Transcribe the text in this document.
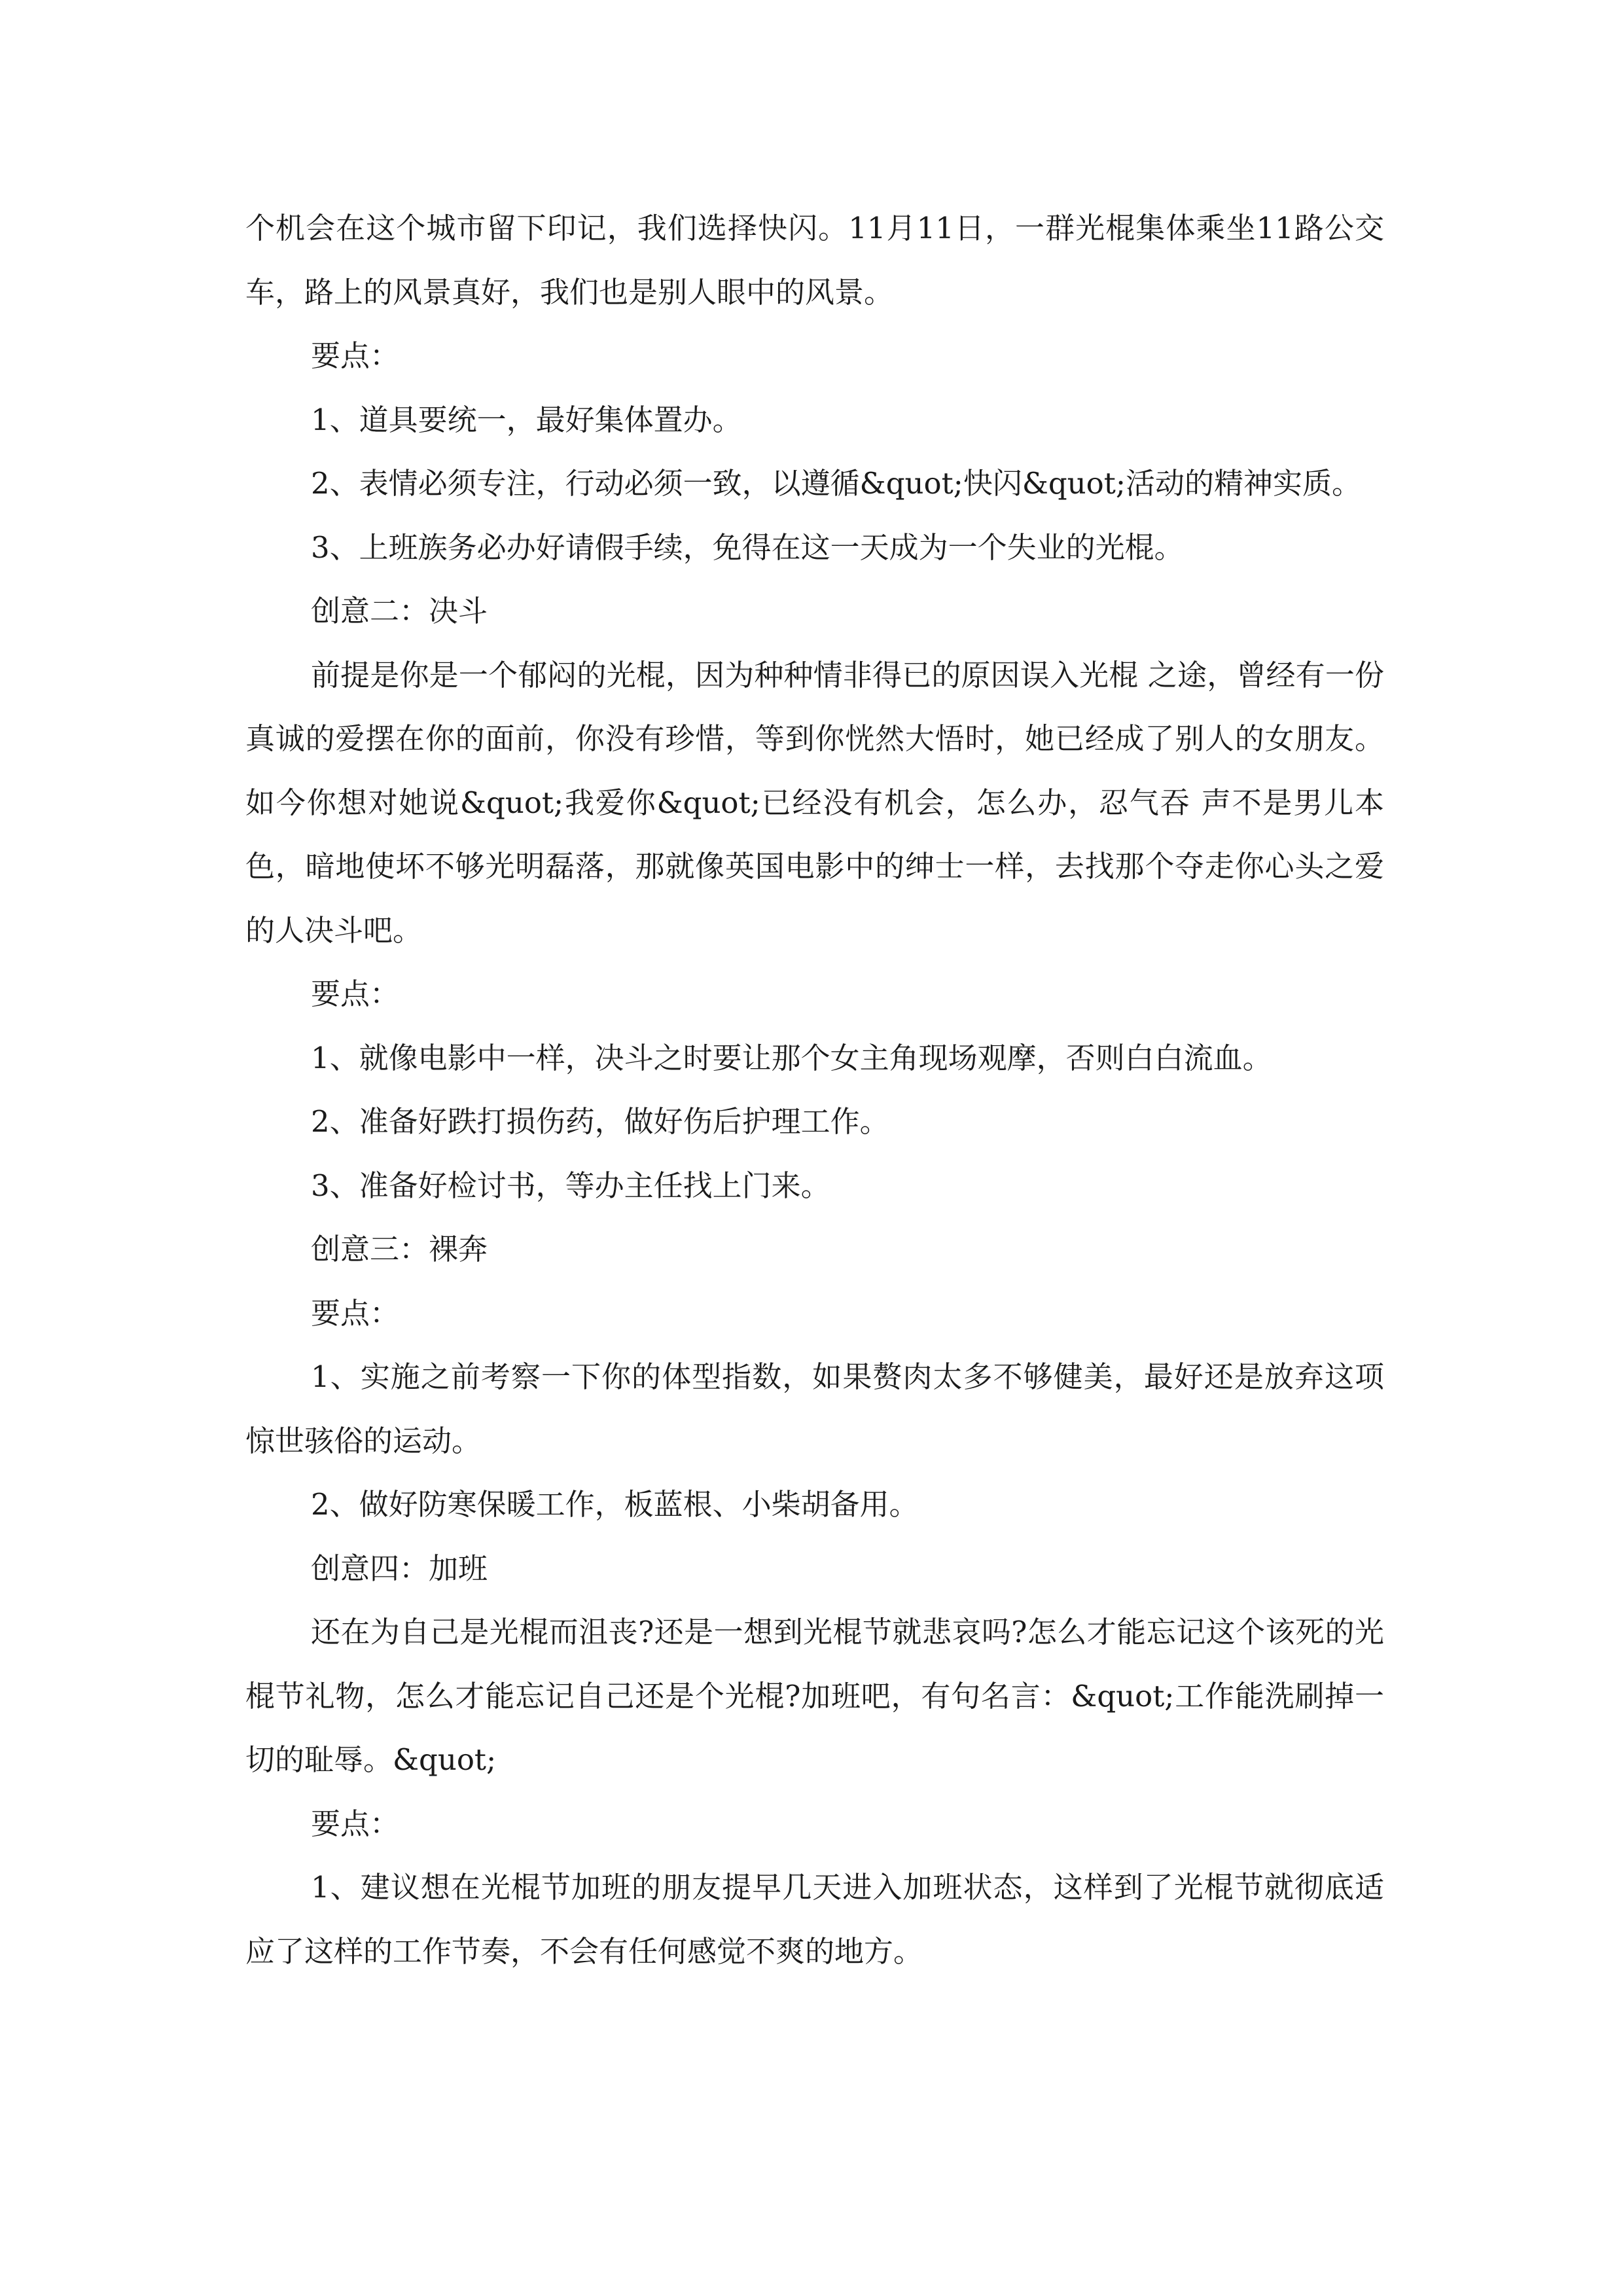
个机会在这个城市留下印记，我们选择快闪。11月11日，一群光棍集体乘坐11路公交车，路上的风景真好，我们也是别人眼中的风景。

要点：

1、道具要统一，最好集体置办。

2、表情必须专注，行动必须一致，以遵循&quot;快闪&quot;活动的精神实质。

3、上班族务必办好请假手续，免得在这一天成为一个失业的光棍。

创意二：决斗

前提是你是一个郁闷的光棍，因为种种情非得已的原因误入光棍 之途，曾经有一份真诚的爱摆在你的面前，你没有珍惜，等到你恍然大悟时，她已经成了别人的女朋友。如今你想对她说&quot;我爱你&quot;已经没有机会，怎么办，忍气吞 声不是男儿本色，暗地使坏不够光明磊落，那就像英国电影中的绅士一样，去找那个夺走你心头之爱的人决斗吧。

要点：

1、就像电影中一样，决斗之时要让那个女主角现场观摩，否则白白流血。

2、准备好跌打损伤药，做好伤后护理工作。

3、准备好检讨书，等办主任找上门来。

创意三：裸奔

要点：

1、实施之前考察一下你的体型指数，如果赘肉太多不够健美，最好还是放弃这项惊世骇俗的运动。

2、做好防寒保暖工作，板蓝根、小柴胡备用。

创意四：加班

还在为自己是光棍而沮丧?还是一想到光棍节就悲哀吗?怎么才能忘记这个该死的光棍节礼物，怎么才能忘记自己还是个光棍?加班吧，有句名言：&quot;工作能洗刷掉一切的耻辱。&quot;

要点：

1、建议想在光棍节加班的朋友提早几天进入加班状态，这样到了光棍节就彻底适应了这样的工作节奏，不会有任何感觉不爽的地方。
